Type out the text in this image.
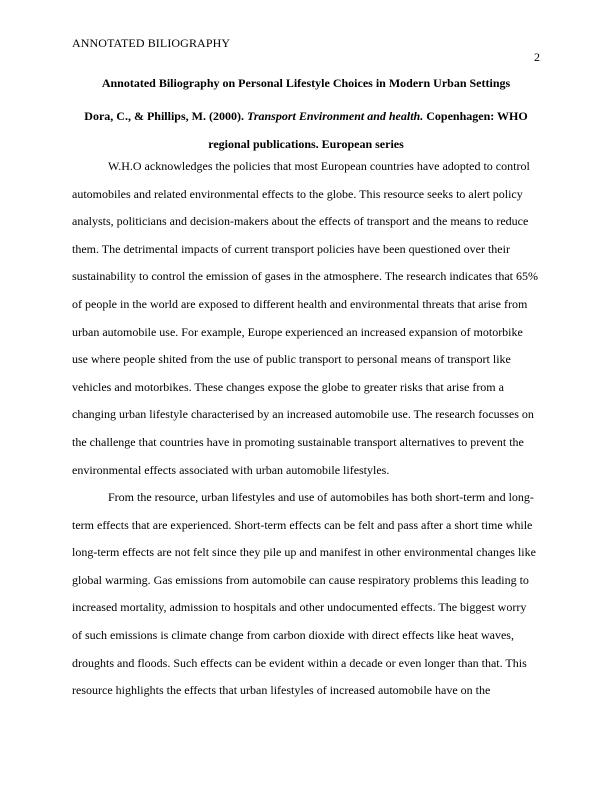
ANNOTATED BILIOGRAPHY
2

Annotated Biliography on Personal Lifestyle Choices in Modern Urban Settings

Dora, C., & Phillips, M. (2000). Transport Environment and health. Copenhagen: WHO
regional publications. European series

W.H.O acknowledges the policies that most European countries have adopted to control
automobiles and related environmental effects to the globe. This resource seeks to alert policy
analysts, politicians and decision-makers about the effects of transport and the means to reduce
them. The detrimental impacts of current transport policies have been questioned over their
sustainability to control the emission of gases in the atmosphere. The research indicates that 65%
of people in the world are exposed to different health and environmental threats that arise from
urban automobile use. For example, Europe experienced an increased expansion of motorbike
use where people shited from the use of public transport to personal means of transport like
vehicles and motorbikes. These changes expose the globe to greater risks that arise from a
changing urban lifestyle characterised by an increased automobile use. The research focusses on
the challenge that countries have in promoting sustainable transport alternatives to prevent the
environmental effects associated with urban automobile lifestyles.
From the resource, urban lifestyles and use of automobiles has both short-term and long-
term effects that are experienced. Short-term effects can be felt and pass after a short time while
long-term effects are not felt since they pile up and manifest in other environmental changes like
global warming. Gas emissions from automobile can cause respiratory problems this leading to
increased mortality, admission to hospitals and other undocumented effects. The biggest worry
of such emissions is climate change from carbon dioxide with direct effects like heat waves,
droughts and floods. Such effects can be evident within a decade or even longer than that. This
resource highlights the effects that urban lifestyles of increased automobile have on the
